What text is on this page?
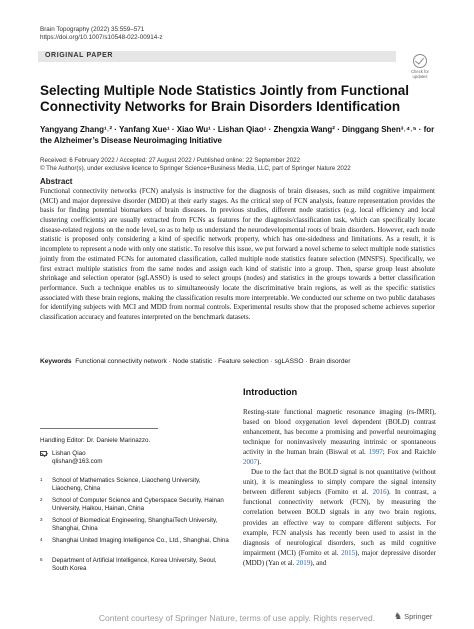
Brain Topography (2022) 35:559–571
https://doi.org/10.1007/s10548-022-00914-z
ORIGINAL PAPER
Check for
updates
Selecting Multiple Node Statistics Jointly from Functional Connectivity Networks for Brain Disorders Identification
Yangyang Zhang¹˒² · Yanfang Xue¹ · Xiao Wu¹ · Lishan Qiao¹ · Zhengxia Wang² · Dinggang Shen³˒⁴˒⁵ · for the Alzheimer’s Disease Neuroimaging Initiative
Received: 6 February 2022 / Accepted: 27 August 2022 / Published online: 22 September 2022
© The Author(s), under exclusive licence to Springer Science+Business Media, LLC, part of Springer Nature 2022
Abstract
Functional connectivity networks (FCN) analysis is instructive for the diagnosis of brain diseases, such as mild cognitive impairment (MCI) and major depressive disorder (MDD) at their early stages. As the critical step of FCN analysis, feature representation provides the basis for finding potential biomarkers of brain diseases. In previous studies, different node statistics (e.g. local efficiency and local clustering coefficients) are usually extracted from FCNs as features for the diagnosis/classification task, which can specifically locate disease-related regions on the node level, so as to help us understand the neurodevelopmental roots of brain disorders. However, each node statistic is proposed only considering a kind of specific network property, which has one-sidedness and limitations. As a result, it is incomplete to represent a node with only one statistic. To resolve this issue, we put forward a novel scheme to select multiple node statistics jointly from the estimated FCNs for automated classification, called multiple node statistics feature selection (MNSFS). Specifically, we first extract multiple statistics from the same nodes and assign each kind of statistic into a group. Then, sparse group least absolute shrinkage and selection operator (sgLASSO) is used to select groups (nodes) and statistics in the groups towards a better classification performance. Such a technique enables us to simultaneously locate the discriminative brain regions, as well as the specific statistics associated with these brain regions, making the classification results more interpretable. We conducted our scheme on two public databases for identifying subjects with MCI and MDD from normal controls. Experimental results show that the proposed scheme achieves superior classification accuracy and features interpreted on the benchmark datasets.
Keywords Functional connectivity network · Node statistic · Feature selection · sgLASSO · Brain disorder
Handling Editor: Dr. Daniele Marinazzo.
Lishan Qiao
qlishan@163.com
1 School of Mathematics Science, Liaocheng University, Liaocheng, China
2 School of Computer Science and Cyberspace Security, Hainan University, Haikou, Hainan, China
3 School of Biomedical Engineering, ShanghaiTech University, Shanghai, China
4 Shanghai United Imaging Intelligence Co., Ltd., Shanghai, China
5 Department of Artificial Intelligence, Korea University, Seoul, South Korea
Introduction

Resting-state functional magnetic resonance imaging (rs-fMRI), based on blood oxygenation level dependent (BOLD) contrast enhancement, has become a promising and powerful neuroimaging technique for noninvasively measuring intrinsic or spontaneous activity in the human brain (Biswal et al. 1997; Fox and Raichle 2007).

Due to the fact that the BOLD signal is not quantitative (without unit), it is meaningless to simply compare the signal intensity between different subjects (Fornito et al. 2016). In contrast, a functional connectivity network (FCN), by measuring the correlation between BOLD signals in any two brain regions, provides an effective way to compare different subjects. For example, FCN analysis has recently been used to assist in the diagnosis of neurological disorders, such as mild cognitive impairment (MCI) (Fornito et al. 2015), major depressive disorder (MDD) (Yan et al. 2019), and

♞ Springer
Content courtesy of Springer Nature, terms of use apply. Rights reserved.
